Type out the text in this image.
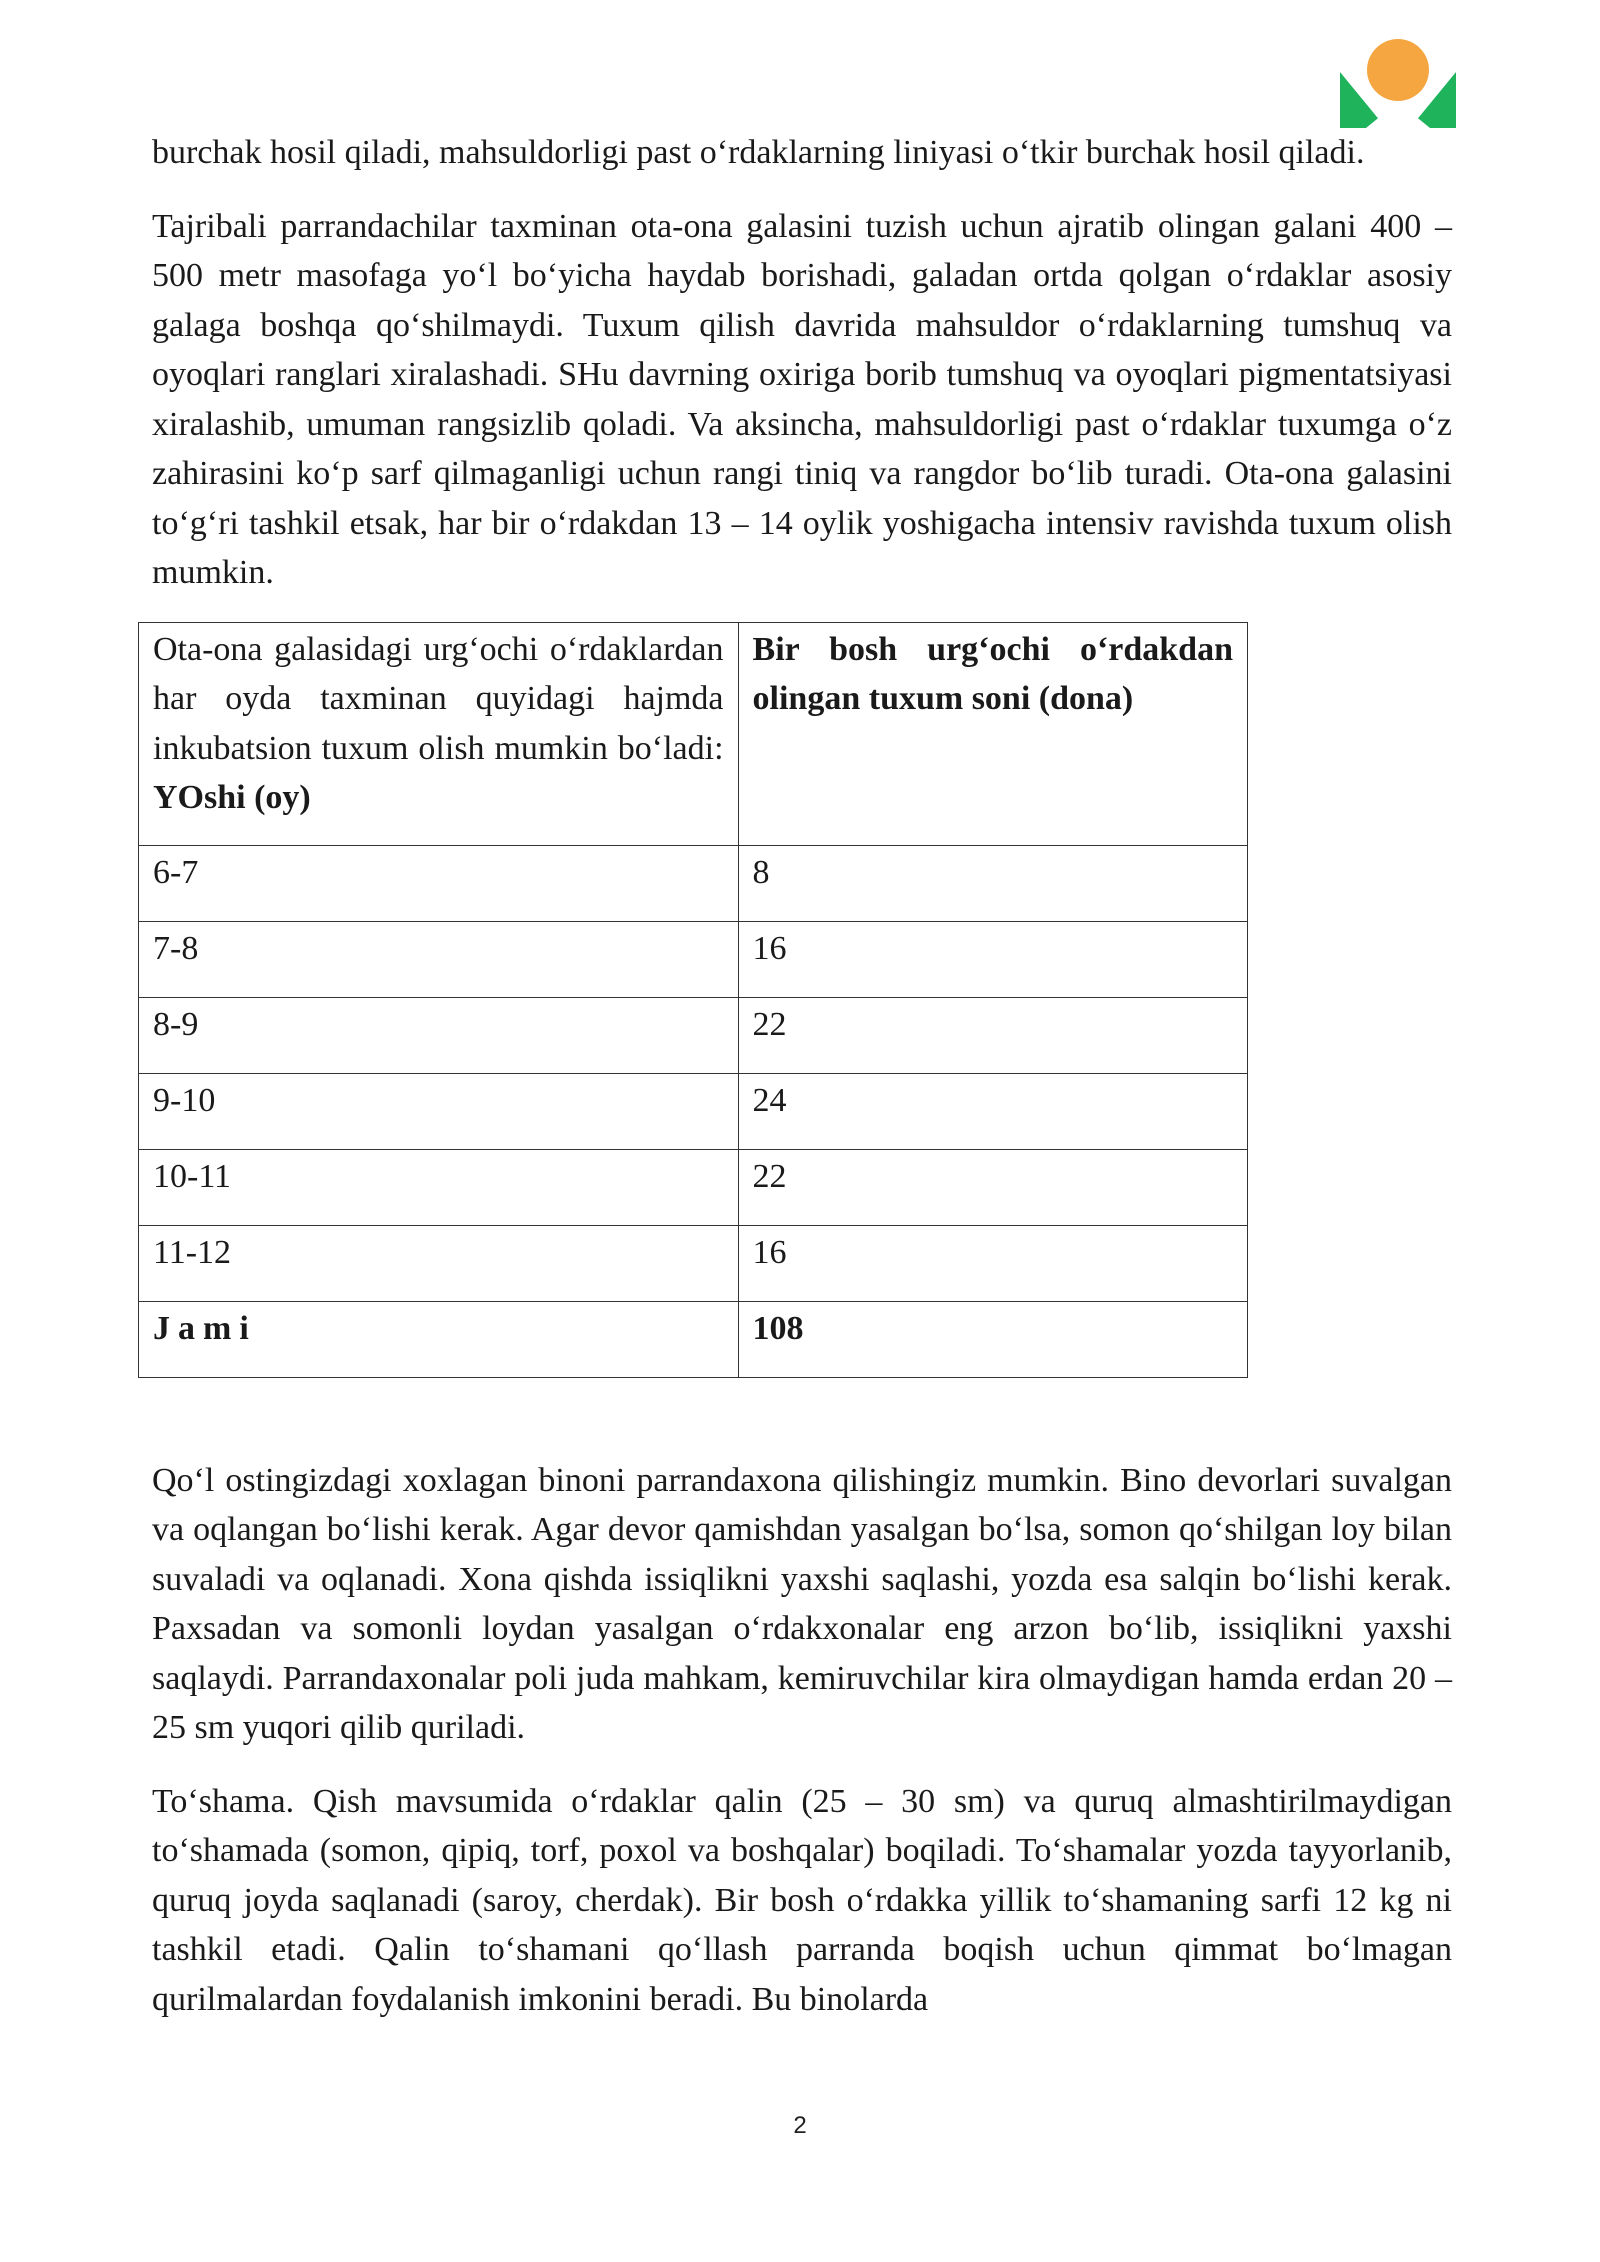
burchak hosil qiladi, mahsuldorligi past o‘rdaklarning liniyasi o‘tkir burchak hosil qiladi.

Tajribali parrandachilar taxminan ota-ona galasini tuzish uchun ajratib olingan galani 400 – 500 metr masofaga yo‘l bo‘yicha haydab borishadi, galadan ortda qolgan o‘rdaklar asosiy galaga boshqa qo‘shilmaydi. Tuxum qilish davrida mahsuldor o‘rdaklarning tumshuq va oyoqlari ranglari xiralashadi. SHu davrning oxiriga borib tumshuq va oyoqlari pigmentatsiyasi xiralashib, umuman rangsizlib qoladi. Va aksincha, mahsuldorligi past o‘rdaklar tuxumga o‘z zahirasini ko‘p sarf qilmaganligi uchun rangi tiniq va rangdor bo‘lib turadi. Ota-ona galasini to‘g‘ri tashkil etsak, har bir o‘rdakdan 13 – 14 oylik yoshigacha intensiv ravishda tuxum olish mumkin.

Ota-ona galasidagi urg‘ochi o‘rdaklardan har oyda taxminan quyidagi hajmda inkubatsion tuxum olish mumkin bo‘ladi: YOshi (oy)	Bir bosh urg‘ochi o‘rdakdan olingan tuxum soni (dona)
6-7	8
7-8	16
8-9	22
9-10	24
10-11	22
11-12	16
Jami	108

Qo‘l ostingizdagi xoxlagan binoni parrandaxona qilishingiz mumkin. Bino devorlari suvalgan va oqlangan bo‘lishi kerak. Agar devor qamishdan yasalgan bo‘lsa, somon qo‘shilgan loy bilan suvaladi va oqlanadi. Xona qishda issiqlikni yaxshi saqlashi, yozda esa salqin bo‘lishi kerak. Paxsadan va somonli loydan yasalgan o‘rdakxonalar eng arzon bo‘lib, issiqlikni yaxshi saqlaydi. Parrandaxonalar poli juda mahkam, kemiruvchilar kira olmaydigan hamda erdan 20 – 25 sm yuqori qilib quriladi.

To‘shama. Qish mavsumida o‘rdaklar qalin (25 – 30 sm) va quruq almashtirilmaydigan to‘shamada (somon, qipiq, torf, poxol va boshqalar) boqiladi. To‘shamalar yozda tayyorlanib, quruq joyda saqlanadi (saroy, cherdak). Bir bosh o‘rdakka yillik to‘shamaning sarfi 12 kg ni tashkil etadi. Qalin to‘shamani qo‘llash parranda boqish uchun qimmat bo‘lmagan qurilmalardan foydalanish imkonini beradi. Bu binolarda

2
